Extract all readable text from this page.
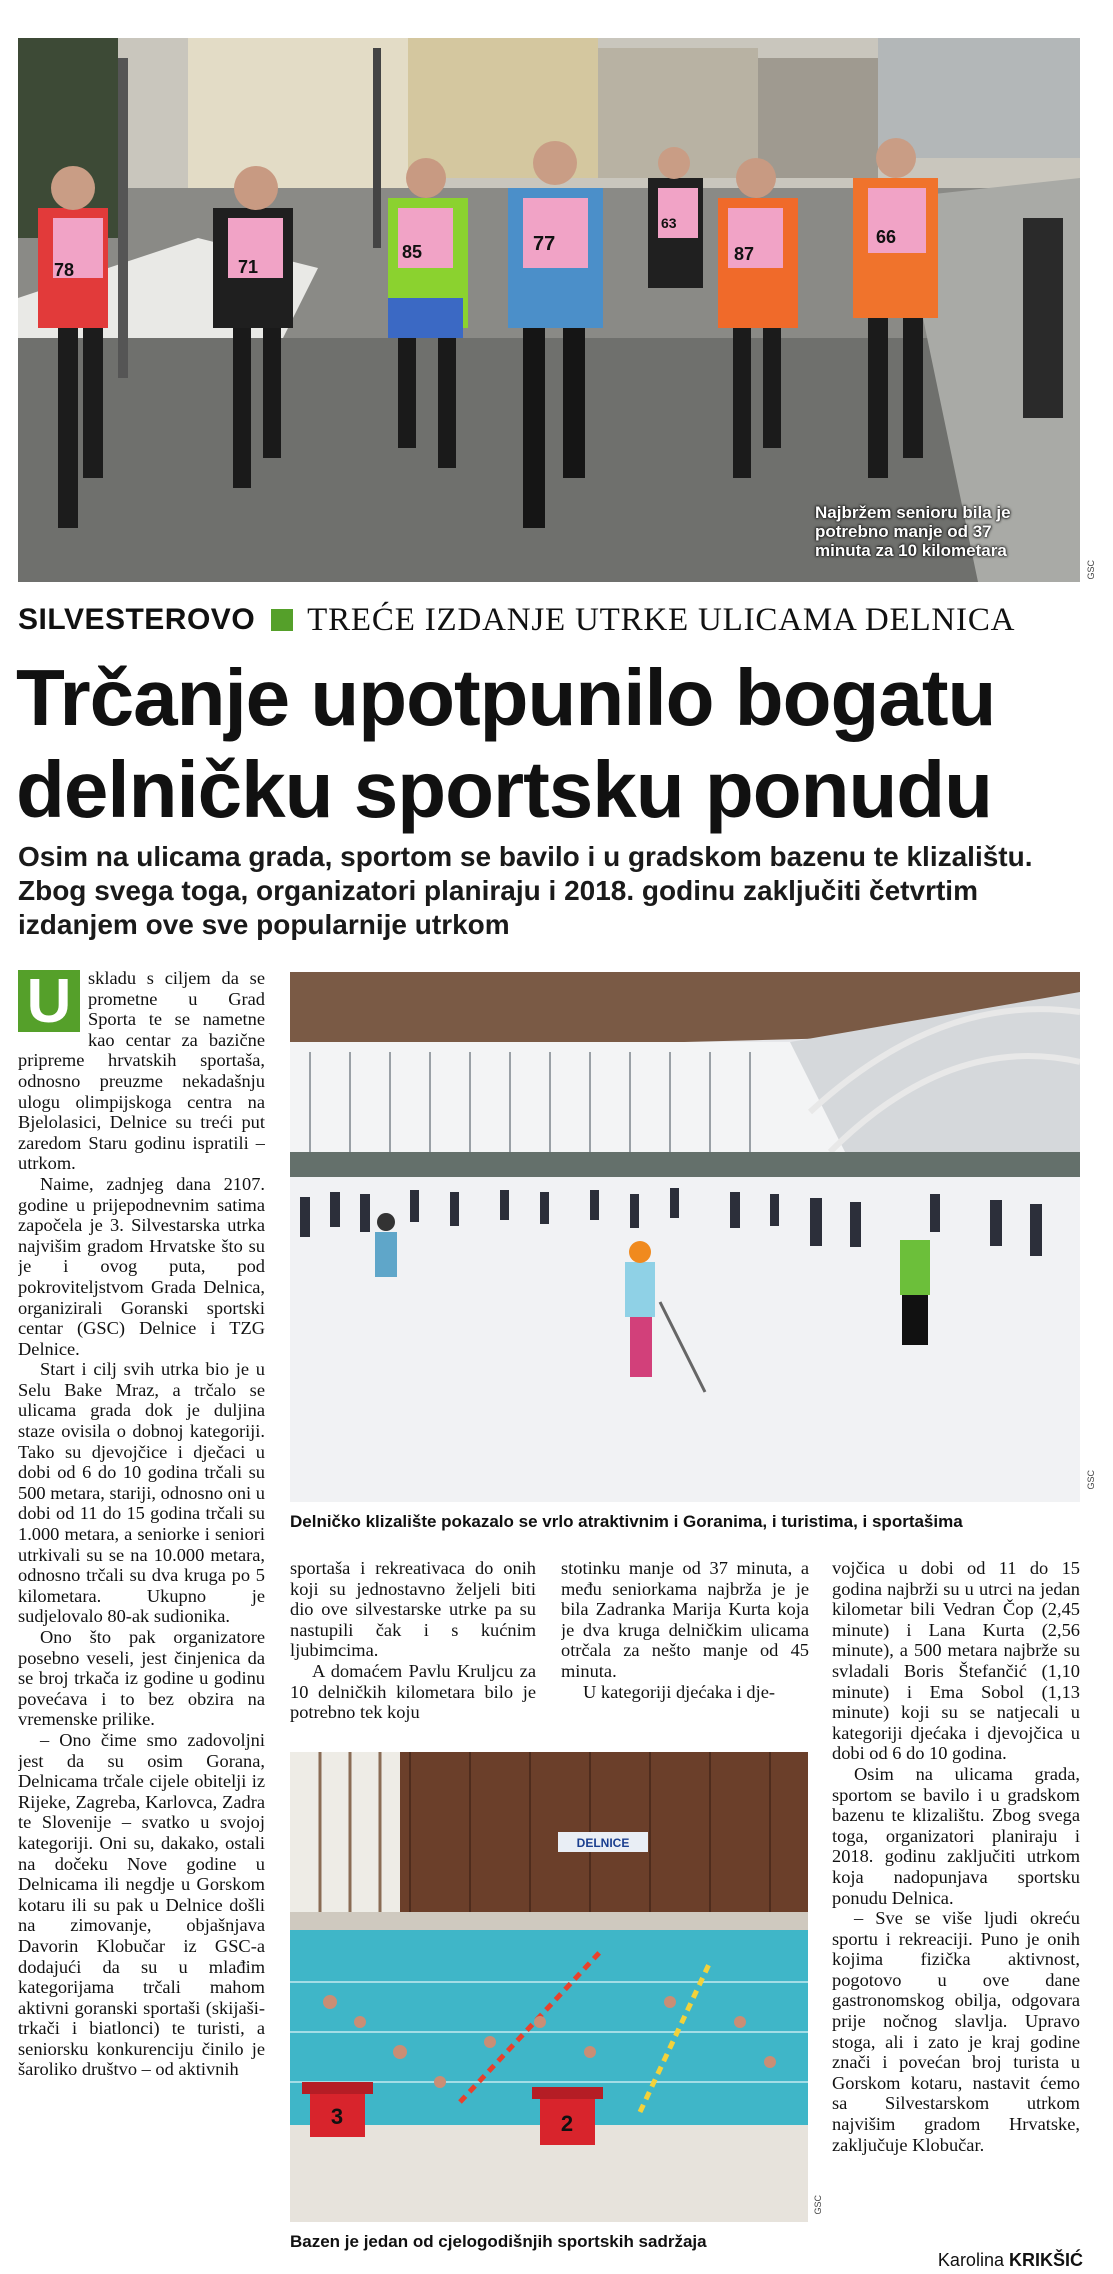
78	71
85	77
63
87
66
Najbržem senioru bila je potrebno manje od 37 minuta za 10 kilometara
GSC
SILVESTEROVO TREĆE IZDANJE UTRKE ULICAMA DELNICA
Trčanje upotpunilo bogatu delničku sportsku ponudu

Osim na ulicama grada, sportom se bavilo i u gradskom bazenu te klizalištu. Zbog svega toga, organizatori planiraju i 2018. godinu zaključiti četvrtim izdanjem ove sve popularnije utrkom

U skladu s ciljem da se prometne u Grad Sporta te se nametne kao centar za bazične pripreme hrvatskih sportaša, odnosno preuzme nekadašnju ulogu olimpijskoga centra na Bjelolasici, Delnice su treći put zaredom Staru godinu ispratili – utrkom.

Naime, zadnjeg dana 2107. godine u prijepodnevnim satima započela je 3. Silvestarska utrka najvišim gradom Hrvatske što su je i ovog puta, pod pokroviteljstvom Grada Delnica, organizirali Goranski sportski centar (GSC) Delnice i TZG Delnice.

Start i cilj svih utrka bio je u Selu Bake Mraz, a trčalo se ulicama grada dok je duljina staze ovisila o dobnoj kategoriji. Tako su djevojčice i dječaci u dobi od 6 do 10 godina trčali su 500 metara, stariji, odnosno oni u dobi od 11 do 15 godina trčali su 1.000 metara, a seniorke i seniori utrkivali su se na 10.000 metara, odnosno trčali su dva kruga po 5 kilometara. Ukupno je sudjelovalo 80-ak sudionika.

Ono što pak organizatore posebno veseli, jest činjenica da se broj trkača iz godine u godinu povećava i to bez obzira na vremenske prilike.

– Ono čime smo zadovoljni jest da su osim Gorana, Delnicama trčale cijele obitelji iz Rijeke, Zagreba, Karlovca, Zadra te Slovenije – svatko u svojoj kategoriji. Oni su, dakako, ostali na dočeku Nove godine u Delnicama ili negdje u Gorskom kotaru ili su pak u Delnice došli na zimovanje, objašnjava Davorin Klobučar iz GSC-a dodajući da su u mlađim kategorijama trčali mahom aktivni goranski sportaši (skijaši-trkači i biatlonci) te turisti, a seniorsku konkurenciju činilo je šaroliko društvo – od aktivnih

GSC
Delničko klizalište pokazalo se vrlo atraktivnim i Goranima, i turistima, i sportašima

sportaša i rekreativaca do onih koji su jednostavno željeli biti dio ove silvestarske utrke pa su nastupili čak i s kućnim ljubimcima.

A domaćem Pavlu Kruljcu za 10 delničkih kilometara bilo je potrebno tek koju

stotinku manje od 37 minuta, a među seniorkama najbrža je je bila Zadranka Marija Kurta koja je dva kruga delničkim ulicama otrčala za nešto manje od 45 minuta.

U kategoriji djećaka i dje-

vojčica u dobi od 11 do 15 godina najbrži su u utrci na jedan kilometar bili Vedran Čop (2,45 minute) i Lana Kurta (2,56 minute), a 500 metara najbrže su svladali Boris Štefančić (1,10 minute) i Ema Sobol (1,13 minute) koji su se natjecali u kategoriji djećaka i djevojčica u dobi od 6 do 10 godina.

Osim na ulicama grada, sportom se bavilo i u gradskom bazenu te klizalištu. Zbog svega toga, organizatori planiraju i 2018. godinu zaključiti utrkom koja nadopunjava sportsku ponudu Delnica.

– Sve se više ljudi okreću sportu i rekreaciji. Puno je onih kojima fizička aktivnost, pogotovo u ove dane gastronomskog obilja, odgovara prije nočnog slavlja. Upravo stoga, ali i zato je kraj godine znači i povećan broj turista u Gorskom kotaru, nastavit ćemo sa Silvestarskom utrkom najvišim gradom Hrvatske, zaključuje Klobučar.

DELNICE
3	2
GSC
Bazen je jedan od cjelogodišnjih sportskih sadržaja
Karolina KRIKŠIĆ
